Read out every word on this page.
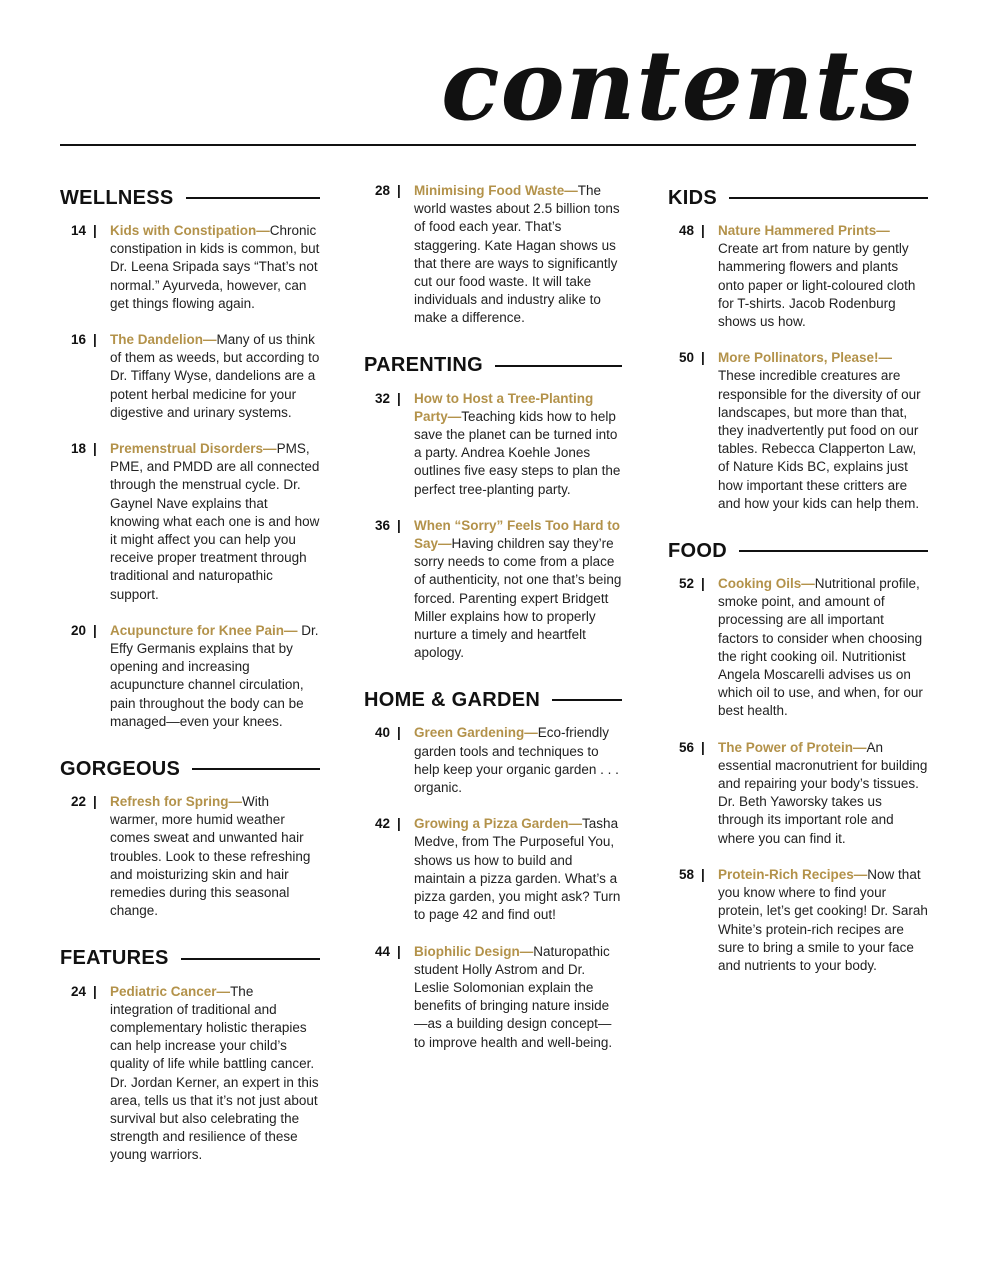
contents
WELLNESS
14 | Kids with Constipation—Chronic constipation in kids is common, but Dr. Leena Sripada says “That’s not normal.” Ayurveda, however, can get things flowing again.
16 | The Dandelion—Many of us think of them as weeds, but according to Dr. Tiffany Wyse, dandelions are a potent herbal medicine for your digestive and urinary systems.
18 | Premenstrual Disorders—PMS, PME, and PMDD are all connected through the menstrual cycle. Dr. Gaynel Nave explains that knowing what each one is and how it might affect you can help you receive proper treatment through traditional and naturopathic support.
20 | Acupuncture for Knee Pain— Dr. Effy Germanis explains that by opening and increasing acupuncture channel circulation, pain throughout the body can be managed—even your knees.
GORGEOUS
22 | Refresh for Spring—With warmer, more humid weather comes sweat and unwanted hair troubles. Look to these refreshing and moisturizing skin and hair remedies during this seasonal change.
FEATURES
24 | Pediatric Cancer—The integration of traditional and complementary holistic therapies can help increase your child’s quality of life while battling cancer. Dr. Jordan Kerner, an expert in this area, tells us that it’s not just about survival but also celebrating the strength and resilience of these young warriors.
28 | Minimising Food Waste—The world wastes about 2.5 billion tons of food each year. That’s staggering. Kate Hagan shows us that there are ways to significantly cut our food waste. It will take individuals and industry alike to make a difference.
PARENTING
32 | How to Host a Tree-Planting Party—Teaching kids how to help save the planet can be turned into a party. Andrea Koehle Jones outlines five easy steps to plan the perfect tree-planting party.
36 | When “Sorry” Feels Too Hard to Say—Having children say they’re sorry needs to come from a place of authenticity, not one that’s being forced. Parenting expert Bridgett Miller explains how to properly nurture a timely and heartfelt apology.
HOME & GARDEN
40 | Green Gardening—Eco-friendly garden tools and techniques to help keep your organic garden . . . organic.
42 | Growing a Pizza Garden—Tasha Medve, from The Purposeful You, shows us how to build and maintain a pizza garden. What’s a pizza garden, you might ask? Turn to page 42 and find out!
44 | Biophilic Design—Naturopathic student Holly Astrom and Dr. Leslie Solomonian explain the benefits of bringing nature inside—as a building design concept—to improve health and well-being.
KIDS
48 | Nature Hammered Prints— Create art from nature by gently hammering flowers and plants onto paper or light-coloured cloth for T-shirts. Jacob Rodenburg shows us how.
50 | More Pollinators, Please!— These incredible creatures are responsible for the diversity of our landscapes, but more than that, they inadvertently put food on our tables. Rebecca Clapperton Law, of Nature Kids BC, explains just how important these critters are and how your kids can help them.
FOOD
52 | Cooking Oils—Nutritional profile, smoke point, and amount of processing are all important factors to consider when choosing the right cooking oil. Nutritionist Angela Moscarelli advises us on which oil to use, and when, for our best health.
56 | The Power of Protein—An essential macronutrient for building and repairing your body’s tissues. Dr. Beth Yaworsky takes us through its important role and where you can find it.
58 | Protein-Rich Recipes—Now that you know where to find your protein, let’s get cooking! Dr. Sarah White’s protein-rich recipes are sure to bring a smile to your face and nutrients to your body.
